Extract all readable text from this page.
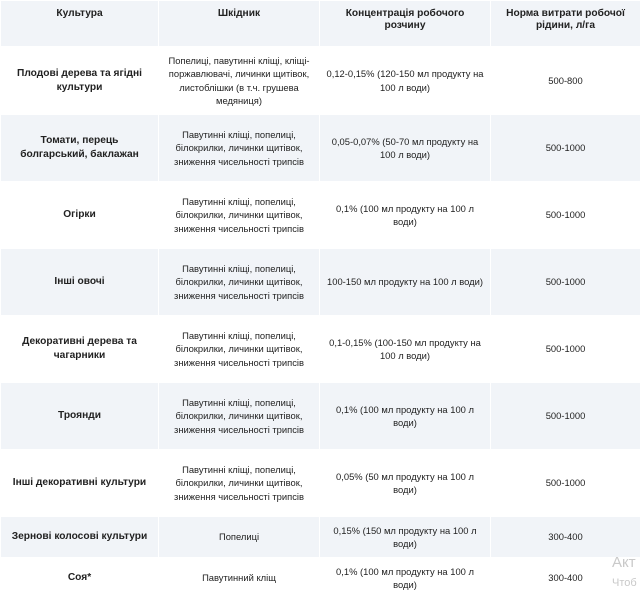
Культура	Шкідник	Концентрація робочого розчину	Норма витрати робочої рідини, л/га
Плодові дерева та ягідні культури	Попелиці, павутинні кліщі, кліщі-поржавлювачі, личинки щитівок, листоблішки (в т.ч. грушева медяниця)	0,12-0,15% (120-150 мл продукту на 100 л води)	500-800
Томати, перець болгарський, баклажан	Павутинні кліщі, попелиці, білокрилки, личинки щитівок, зниження чисельності трипсів	0,05-0,07% (50-70 мл продукту на 100 л води)	500-1000
Огірки	Павутинні кліщі, попелиці, білокрилки, личинки щитівок, зниження чисельності трипсів	0,1% (100 мл продукту на 100 л води)	500-1000
Інші овочі	Павутинні кліщі, попелиці, білокрилки, личинки щитівок, зниження чисельності трипсів	100-150 мл продукту на 100 л води)	500-1000
Декоративні дерева та чагарники	Павутинні кліщі, попелиці, білокрилки, личинки щитівок, зниження чисельності трипсів	0,1-0,15% (100-150 мл продукту на 100 л води)	500-1000
Троянди	Павутинні кліщі, попелиці, білокрилки, личинки щитівок, зниження чисельності трипсів	0,1% (100 мл продукту на 100 л води)	500-1000
Інші декоративні культури	Павутинні кліщі, попелиці, білокрилки, личинки щитівок, зниження чисельності трипсів	0,05% (50 мл продукту на 100 л води)	500-1000
Зернові колосові культури	Попелиці	0,15% (150 мл продукту на 100 л води)	300-400
Соя*	Павутинний кліщ	0,1% (100 мл продукту на 100 л води)	300-400
Акт
Чтоб
